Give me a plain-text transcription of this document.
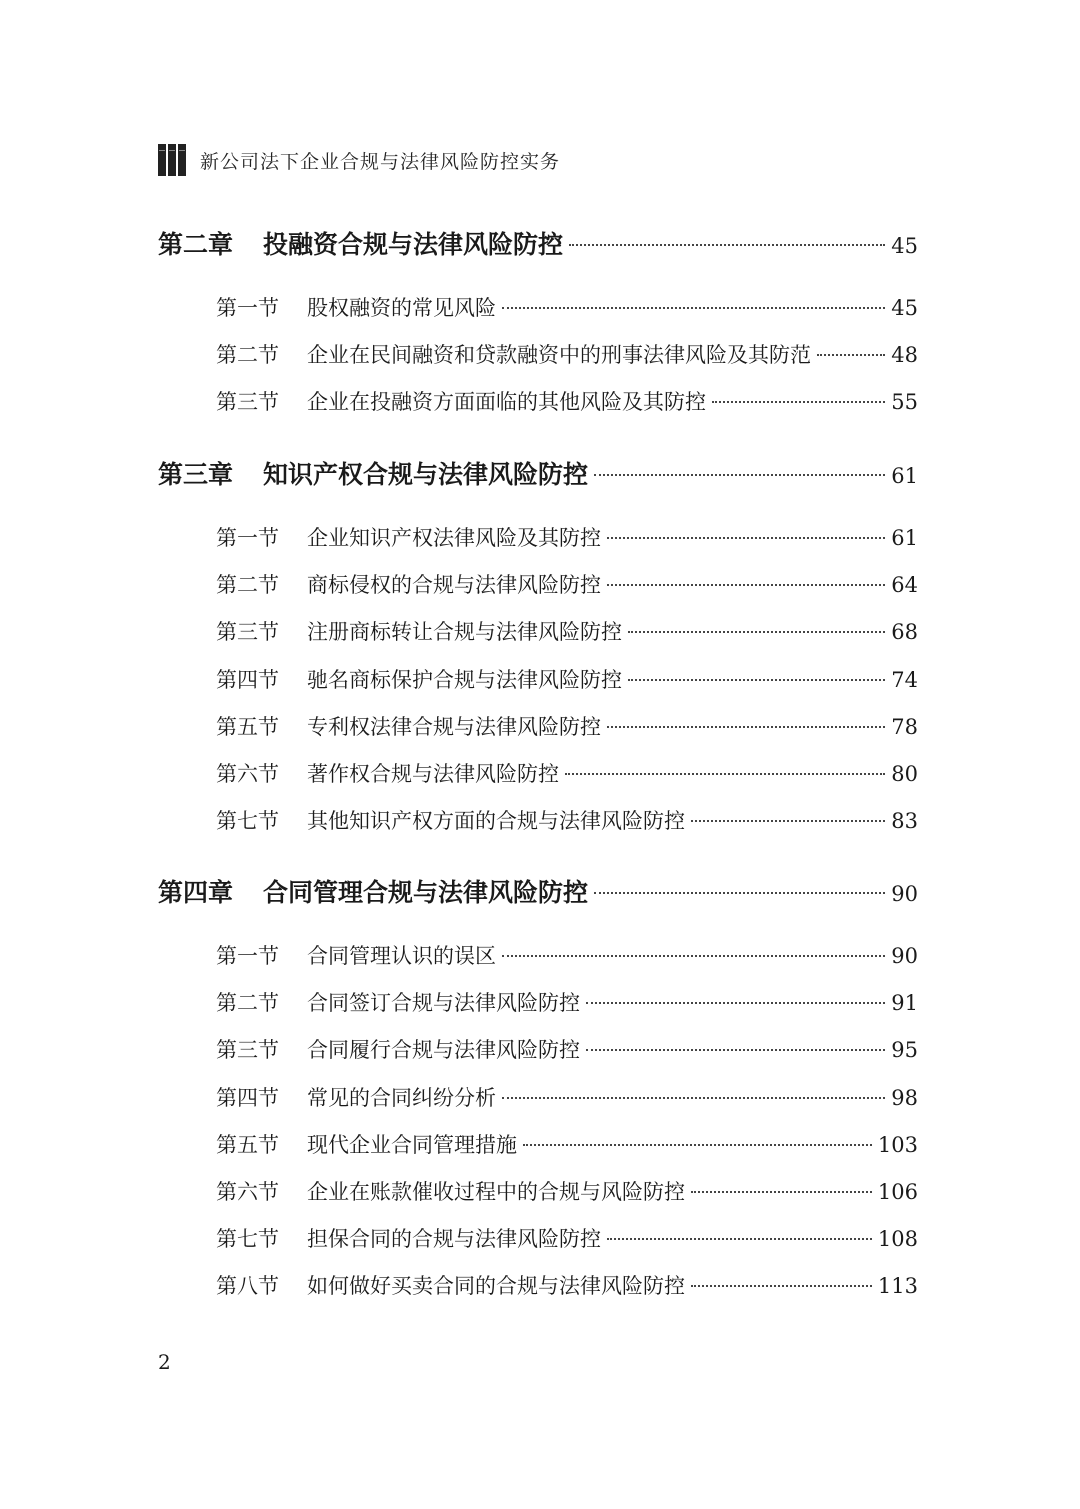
新公司法下企业合规与法律风险防控实务
第二章	投融资合规与法律风险防控	45
第一节	股权融资的常见风险	45
第二节	企业在民间融资和贷款融资中的刑事法律风险及其防范	48
第三节	企业在投融资方面面临的其他风险及其防控	55
第三章	知识产权合规与法律风险防控	61
第一节	企业知识产权法律风险及其防控	61
第二节	商标侵权的合规与法律风险防控	64
第三节	注册商标转让合规与法律风险防控	68
第四节	驰名商标保护合规与法律风险防控	74
第五节	专利权法律合规与法律风险防控	78
第六节	著作权合规与法律风险防控	80
第七节	其他知识产权方面的合规与法律风险防控	83
第四章	合同管理合规与法律风险防控	90
第一节	合同管理认识的误区	90
第二节	合同签订合规与法律风险防控	91
第三节	合同履行合规与法律风险防控	95
第四节	常见的合同纠纷分析	98
第五节	现代企业合同管理措施	103
第六节	企业在账款催收过程中的合规与风险防控	106
第七节	担保合同的合规与法律风险防控	108
第八节	如何做好买卖合同的合规与法律风险防控	113
2
